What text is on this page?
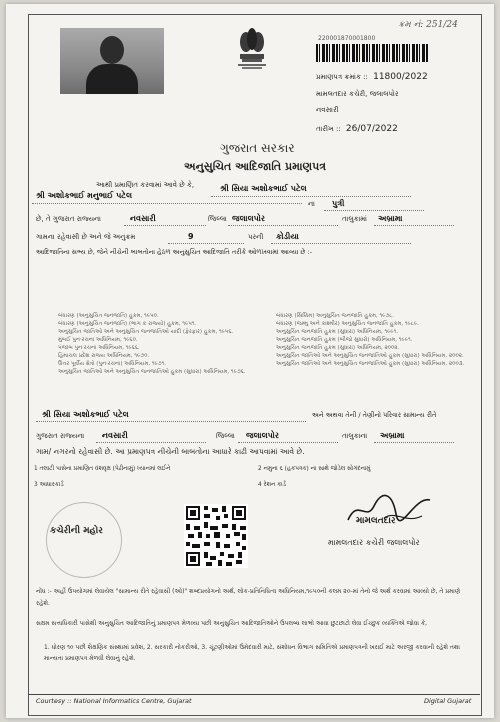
ક્રમ નં: 251/24
220001870001800
પ્રમાણપત્ર ક્રમાંક :: 11800/2022
મામલતદાર કચેરી, જલાલપોર
નવસારી
તારીખ :: 26/07/2022
ગુજરાત સરકાર
અનુસુચિત આદિજાતિ પ્રમાણપત્ર
આથી પ્રમાણિત કરવામાં આવે છે કે,	શ્રી સિયા અશોકભાઈ પટેલ
શ્રી અશોકભાઈ મનુભાઈ પટેલ
ના પુત્રી
છે, તે ગુજરાત રાજ્યના	નવસારી	જિલ્લા જલાલપોર	તાલુકામાં અબ્રામા
ગામના રહેવાસી છે અને જે અનુક્રમ	9	પરની કોડીયા
આદિજાતિના સભ્ય છે, જેને નીચેની બાબતોના હેઠળ અનુસુચિત આદિજાતિ તરીકે ઓળખવામાં આવ્યા છે :-
બંધારણ (અનુસુચિત જનજાતિ) હુકમ, ૧૯૫૦.
બંધારણ (અનુસુચિત જનજાતિ) (ભાગ ક રાજ્યો) હુકમ, ૧૯૫૧.
અનુસુચિત જાતિઓ અને અનુસુચિત જનજાતિઓ યાદી (ફેરફાર) હુકમ, ૧૯૫૬.
મુંબઈ પુનઃરચના અધિનિયમ, ૧૯૬૦.
પંજાબ પુનઃરચના અધિનિયમ, ૧૯૬૬.
હિમાચલ પ્રદેશ રાજ્ય અધિનિયમ, ૧૯૭૦.
ઉત્તર પૂર્વીય ક્ષેત્રો (પુનઃરચના) અધિનિયમ, ૧૯૭૧.
અનુસુચિત જાતિઓ અને અનુસુચિત જનજાતિઓ હુકમ (સુધારા) અધિનિયમ, ૧૯૭૬.
બંધારણ (સિક્કિમ) અનુસુચિત જનજાતિ હુકમ, ૧૯૭૮.
બંધારણ (જમ્મુ અને કાશ્મીર) અનુસુચિત જનજાતિ હુકમ, ૧૯૮૯.
અનુસુચિત જનજાતિ હુકમ (સુધારા) અધિનિયમ, ૧૯૯૧.
અનુસુચિત જનજાતિ હુકમ (બીજો સુધારો) અધિનિયમ, ૧૯૯૧.
અનુસુચિત જનજાતિ હુકમ (સુધારા) અધિનિયમ, ૨૦૦૨.
અનુસુચિત જાતિઓ અને અનુસુચિત જનજાતિઓ હુકમ (સુધારા) અધિનિયમ, ૨૦૦૨.
અનુસુચિત જાતિઓ અને અનુસુચિત જનજાતિઓ હુકમ (સુધારા) અધિનિયમ, ૨૦૦૩.
શ્રી સિયા અશોકભાઈ પટેલ	અને અથવા તેની / તેણીનો પરિવાર સામાન્ય રીતે
ગુજરાત રાજ્યના નવસારી	જિલ્લા જલાલપોર	તાલુકાના અબ્રામા
ગામ/ નગરનો રહેવાસી છે. આ પ્રમાણપત્ર નીચેની બાબતોના આધારે કાઢી આપવામાં આવે છે.
1 તલાટી પાસેના પ્રમાણિત વંશવૃક્ષ (પેઢીનામું) ધ્યાનમાં લઈને	2 નમુના ૬ (હકપત્રક) ના સાથે જોડેલ સોગંદનામું
3 આધારકાર્ડ	4 રેશન કાર્ડ
કચેરીની મહોર
મામલતદાર
મામલતદાર કચેરી જલાલપોર
નોંધ :- અહીં ઉપયોગમાં લેવાયેલ "સામાન્ય રીતે રહેવાસી (ઓ)" શબ્દપ્રયોગનો અર્થ, લોક-પ્રતિનિધિત્વ અધિનિયમ,૧૯૫૦ની કલમ ૨૦-માં તેનો જે અર્થ કરવામાં આવ્યો છે, તે પ્રમાણે રહેશે.
સક્ષમ સત્તાધિકારી પાસેથી અનુસુચિત આદિજાતિનું પ્રમાણપત્ર મેળવ્યા પછી અનુસુચિત આદિજાતિઓને ઉપલબ્ધ લાભો આવા છુટછાટો લેવા ઈચ્છુક વ્યક્તિએ જોવા કે,
1. ધોરણ ૧૦ પછી શૈક્ષણિક સંસ્થામાં પ્રવેશ, 2. સરકારી નોકરીઓ, 3. ચૂંટણીઓમાં ઉમેદવારી માટે, સંશોધન વિભાગ સમિતિએ પ્રમાણપત્રની ખરાઈ માટે અરજી કરવાની રહેશે તથા માન્યતા પ્રમાણપત્ર મેળવી લેવાનું રહેશે.
Courtesy :: National Informatics Centre, Gujarat	Digital Gujarat
